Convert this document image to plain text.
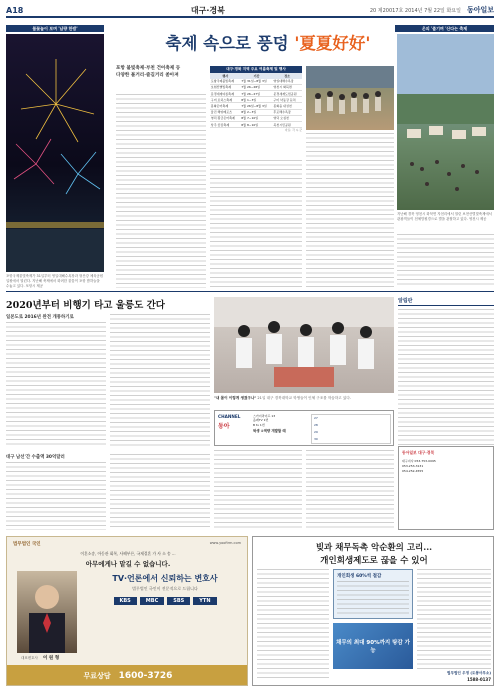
A18	대구·경북	20 제20017호 2014년 7월 22일 화요일 동아일보
불꽃놀이 보며 '납량 한밤'
축제 속으로 풍덩 '夏夏好好'
온의 '즐기며 '산다는 축제
포항국제불빛축제가 31일부터 영일대해수욕장과 형산강 체육공원 일원에서 열린다. 지난해 축제에서 화려한 불꽃이 포항 밤하늘을 수놓고 있다. 포항시 제공
포항 불빛축제·부천 건어축제 등
다양한 볼거리·즐길거리 쏟아져
대구·경북 지역 주요 여름축제 및 행사
행사	기간	장소
포항국제불빛축제	7월 31일~8월 3일	영일대해수욕장
보현산별빛축제	7월 26~28일	영천시 화북면
문경새재여름축제	7월 26~27일	문경새재도립공원
구미 로하스축제	8월 1~3일	구미 낙동강 둔치
봉화은어축제	7월 26일~8월 3일	봉화읍 내성천
울진 해양레포츠	8월 2~3일	후포해수욕장
영덕 황금은어축제	8월 7~10일	영덕 오십천
상주 곶감축제	8월 8~10일	북천시민공원
자료: 각 시·군
지난해 경북 영천시 화북면 자천리에서 열린 보현산별빛축제에서 관광객들이 천체망원경으로 별을 관찰하고 있다. 영천시 제공
2020년부터 비행기 타고 울릉도 간다
일본도로 2016년 완전 개통하기로
대구 남선'간 수출액 30억달러
"내 몸이 이렇게 생겼구나" 21일 대구 경북대학교 학생들이 인체 구조를 학습하고 있다.
CHANNEL
동아
스카이라이프 13
올레TV 1번
B tv 1번
학생 ①역량 개발할 때
27
28
29
30
알림판
동아일보 대구·경북
대구지사 053-753-0095
053-253-3131
054-252-4555
법무법인 국인	www.yoofirm.com
이혼소송, 아동관 회복, 사해부른, 국제결혼 가 사 소 송 ...
아무에게나 맡길 수 없습니다.
TV·언론에서 신뢰하는 변호사
법무법인 국인이 전문적으로 드립니다
대표변호사 이 원 형
KBS	MBC	SBS	YTN
무료상담 1600-3726
빚과 채무독촉 악순환의 고리...
개인회생제도로 끊을 수 있어
개인회생 60%씩 절감
채무의 최대 90%까지 탕감 가능
법무법인 우정 (도봉사무소)
1588-0137
